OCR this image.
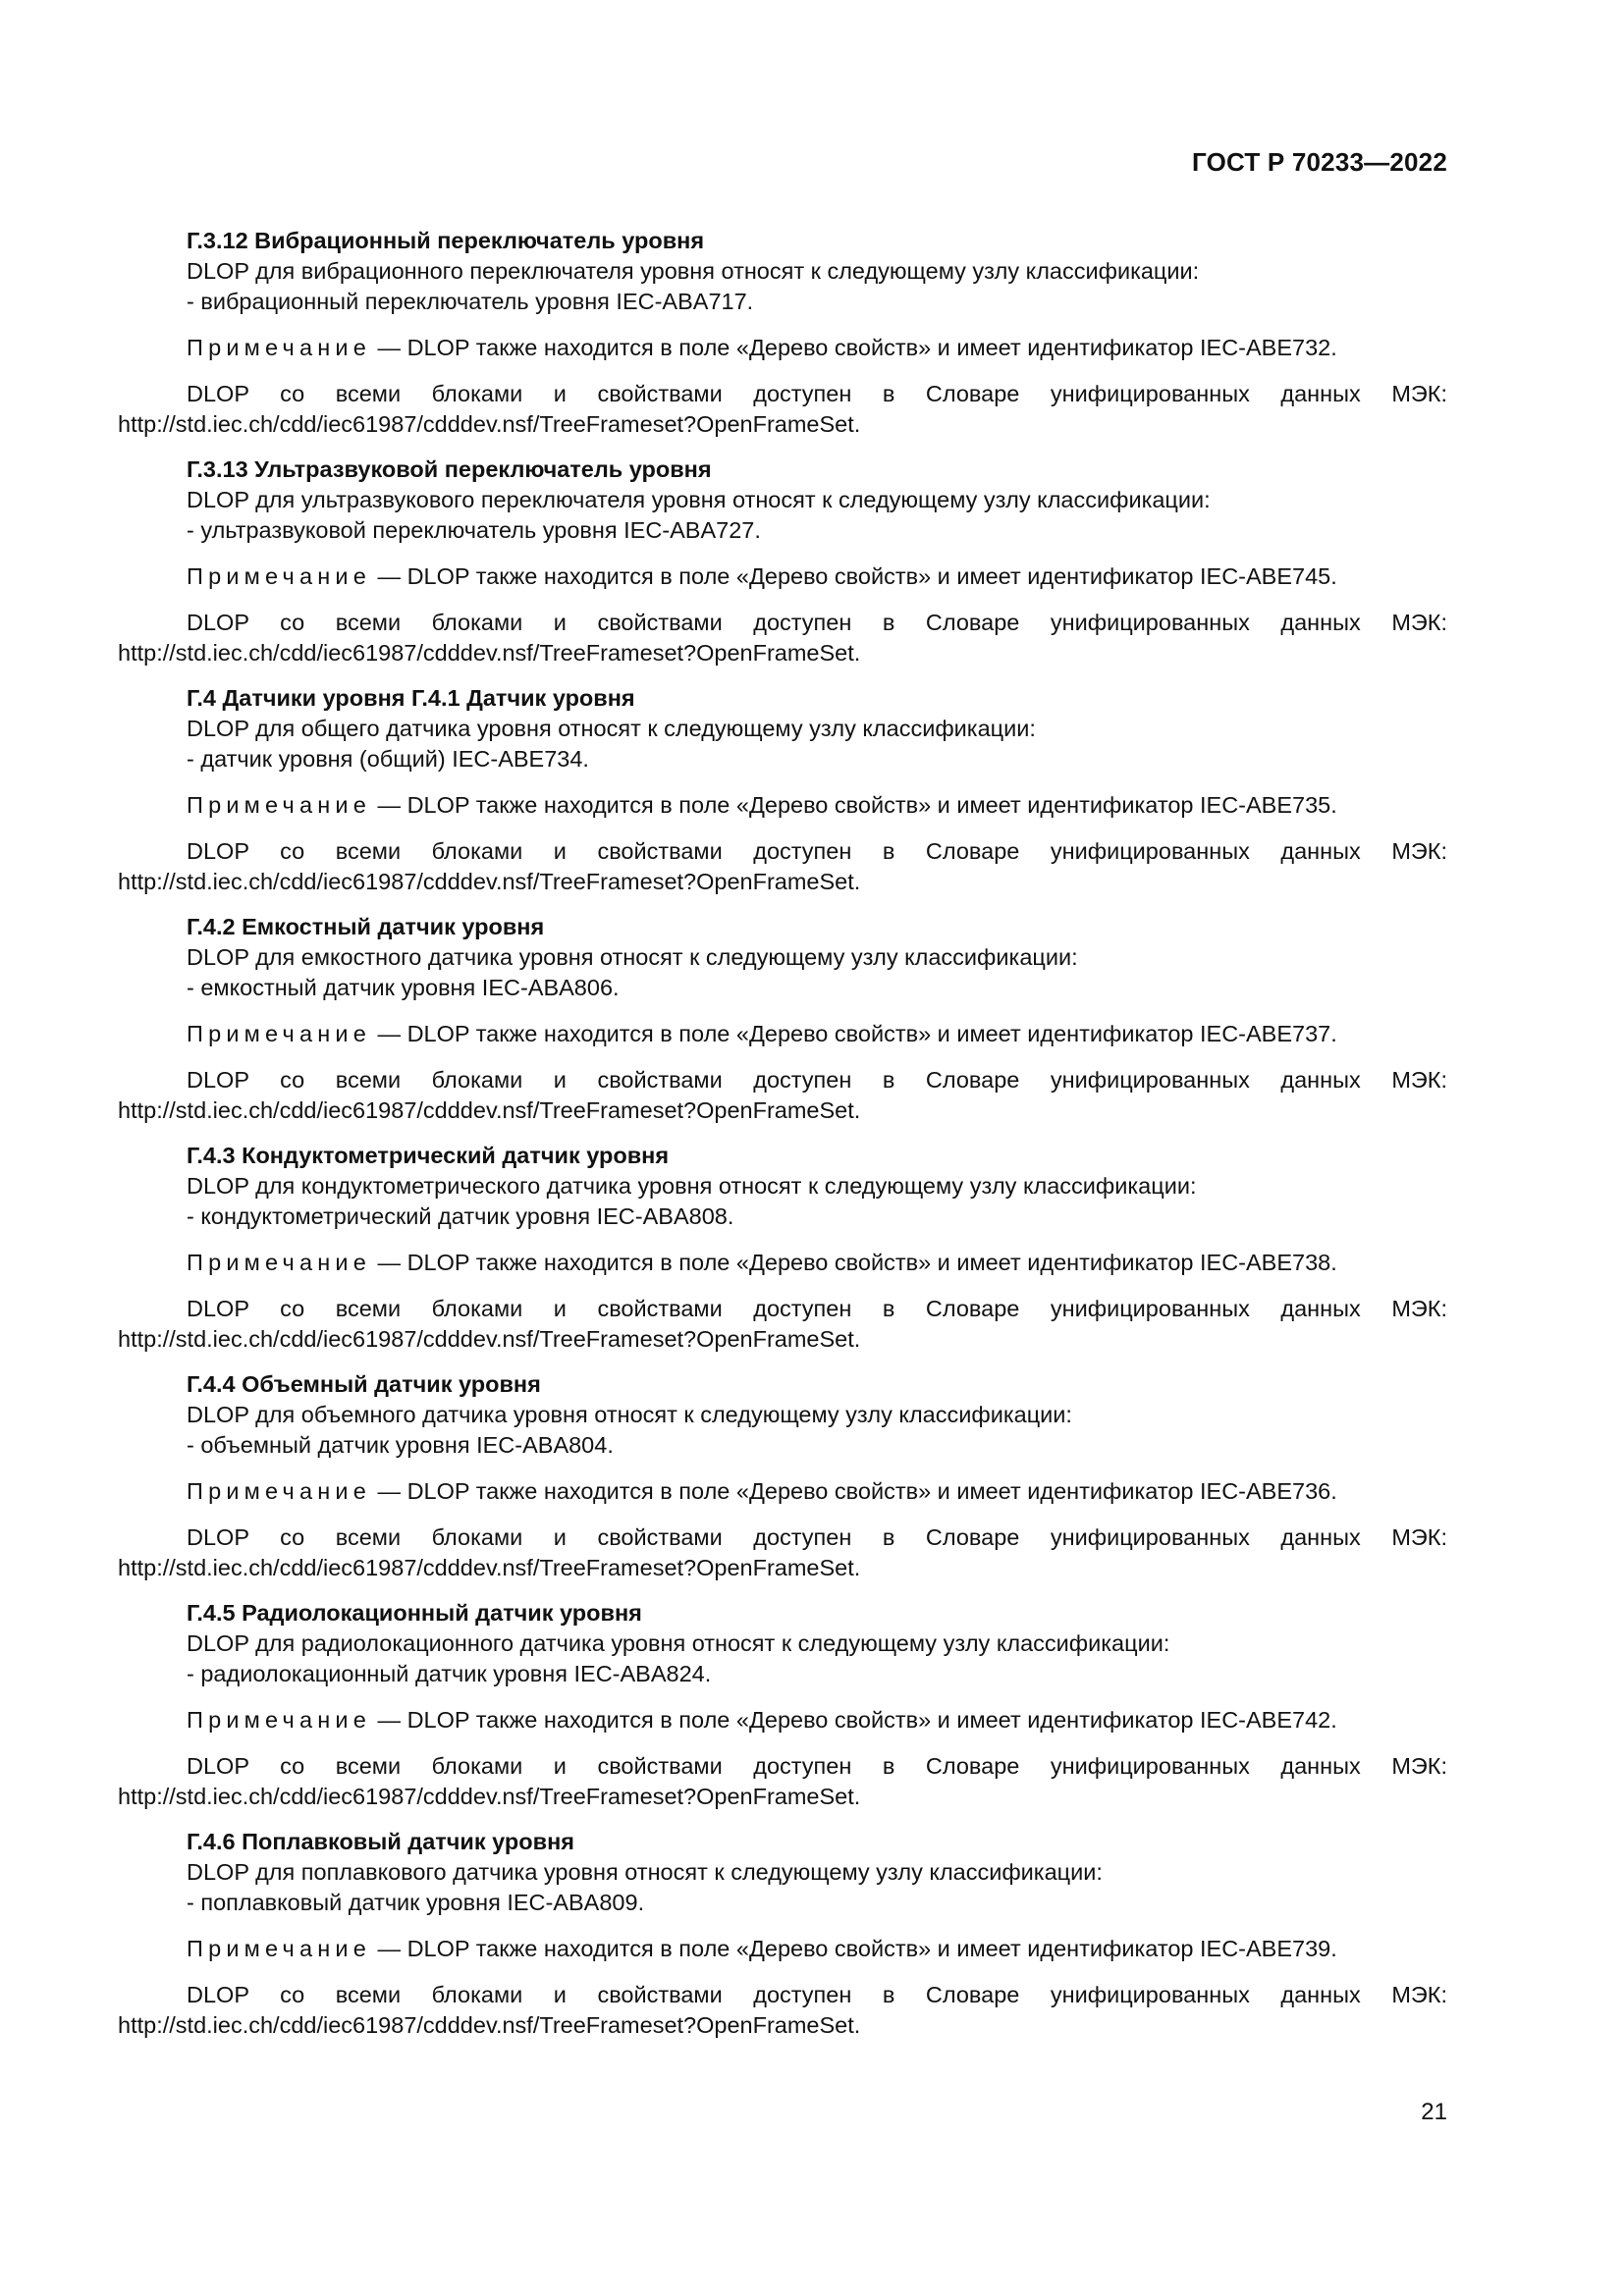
ГОСТ Р 70233—2022
Г.3.12 Вибрационный переключатель уровня
DLOP для вибрационного переключателя уровня относят к следующему узлу классификации:
- вибрационный переключатель уровня IEC-ABA717.
Примечание — DLOP также находится в поле «Дерево свойств» и имеет идентификатор IEC-ABE732.
DLOP со всеми блоками и свойствами доступен в Словаре унифицированных данных МЭК: http://std.iec.ch/cdd/iec61987/cdddev.nsf/TreeFrameset?OpenFrameSet.
Г.3.13 Ультразвуковой переключатель уровня
DLOP для ультразвукового переключателя уровня относят к следующему узлу классификации:
- ультразвуковой переключатель уровня IEC-ABA727.
Примечание — DLOP также находится в поле «Дерево свойств» и имеет идентификатор IEC-ABE745.
DLOP со всеми блоками и свойствами доступен в Словаре унифицированных данных МЭК: http://std.iec.ch/cdd/iec61987/cdddev.nsf/TreeFrameset?OpenFrameSet.
Г.4 Датчики уровня Г.4.1 Датчик уровня
DLOP для общего датчика уровня относят к следующему узлу классификации:
- датчик уровня (общий) IEC-ABE734.
Примечание — DLOP также находится в поле «Дерево свойств» и имеет идентификатор IEC-ABE735.
DLOP со всеми блоками и свойствами доступен в Словаре унифицированных данных МЭК: http://std.iec.ch/cdd/iec61987/cdddev.nsf/TreeFrameset?OpenFrameSet.
Г.4.2 Емкостный датчик уровня
DLOP для емкостного датчика уровня относят к следующему узлу классификации:
- емкостный датчик уровня IEC-ABA806.
Примечание — DLOP также находится в поле «Дерево свойств» и имеет идентификатор IEC-ABE737.
DLOP со всеми блоками и свойствами доступен в Словаре унифицированных данных МЭК: http://std.iec.ch/cdd/iec61987/cdddev.nsf/TreeFrameset?OpenFrameSet.
Г.4.3 Кондуктометрический датчик уровня
DLOP для кондуктометрического датчика уровня относят к следующему узлу классификации:
- кондуктометрический датчик уровня IEC-ABA808.
Примечание — DLOP также находится в поле «Дерево свойств» и имеет идентификатор IEC-ABE738.
DLOP со всеми блоками и свойствами доступен в Словаре унифицированных данных МЭК: http://std.iec.ch/cdd/iec61987/cdddev.nsf/TreeFrameset?OpenFrameSet.
Г.4.4 Объемный датчик уровня
DLOP для объемного датчика уровня относят к следующему узлу классификации:
- объемный датчик уровня IEC-ABA804.
Примечание — DLOP также находится в поле «Дерево свойств» и имеет идентификатор IEC-ABE736.
DLOP со всеми блоками и свойствами доступен в Словаре унифицированных данных МЭК: http://std.iec.ch/cdd/iec61987/cdddev.nsf/TreeFrameset?OpenFrameSet.
Г.4.5 Радиолокационный датчик уровня
DLOP для радиолокационного датчика уровня относят к следующему узлу классификации:
- радиолокационный датчик уровня IEC-ABA824.
Примечание — DLOP также находится в поле «Дерево свойств» и имеет идентификатор IEC-ABE742.
DLOP со всеми блоками и свойствами доступен в Словаре унифицированных данных МЭК: http://std.iec.ch/cdd/iec61987/cdddev.nsf/TreeFrameset?OpenFrameSet.
Г.4.6 Поплавковый датчик уровня
DLOP для поплавкового датчика уровня относят к следующему узлу классификации:
- поплавковый датчик уровня IEC-ABA809.
Примечание — DLOP также находится в поле «Дерево свойств» и имеет идентификатор IEC-ABE739.
DLOP со всеми блоками и свойствами доступен в Словаре унифицированных данных МЭК: http://std.iec.ch/cdd/iec61987/cdddev.nsf/TreeFrameset?OpenFrameSet.
21
